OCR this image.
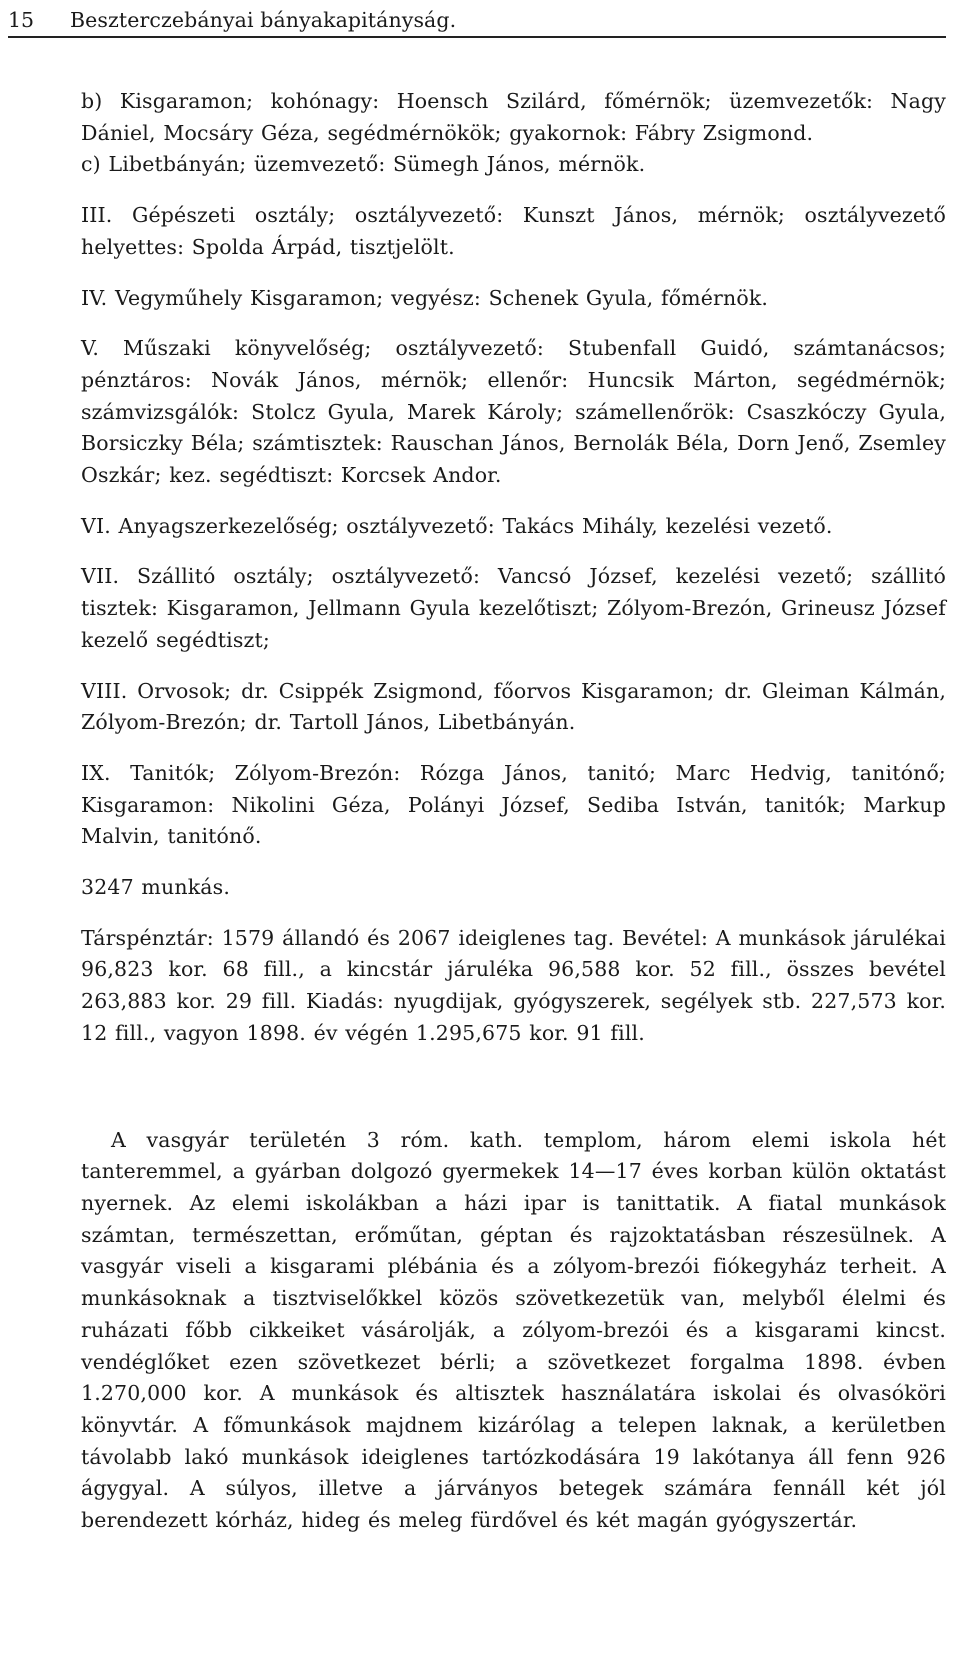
15	Beszterczebányai bányakapitányság.

b) Kisgaramon; kohónagy: Hoensch Szilárd, főmérnök; üzemvezetők: Nagy Dániel, Mocsáry Géza, segédmérnökök; gyakornok: Fábry Zsigmond.

c) Libetbányán; üzemvezető: Sümegh János, mérnök.

III. Gépészeti osztály; osztályvezető: Kunszt János, mérnök; osztályvezető helyettes: Spolda Árpád, tisztjelölt.

IV. Vegyműhely Kisgaramon; vegyész: Schenek Gyula, főmérnök.

V. Műszaki könyvelőség; osztályvezető: Stubenfall Guidó, számtanácsos; pénztáros: Novák János, mérnök; ellenőr: Huncsik Márton, segédmérnök; számvizsgálók: Stolcz Gyula, Marek Károly; számellenőrök: Csaszkóczy Gyula, Borsiczky Béla; számtisztek: Rauschan János, Bernolák Béla, Dorn Jenő, Zsemley Oszkár; kez. segédtiszt: Korcsek Andor.

VI. Anyagszerkezelőség; osztályvezető: Takács Mihály, kezelési vezető.

VII. Szállitó osztály; osztályvezető: Vancsó József, kezelési vezető; szállitó tisztek: Kisgaramon, Jellmann Gyula kezelőtiszt; Zólyom-Brezón, Grineusz József kezelő segédtiszt;

VIII. Orvosok; dr. Csippék Zsigmond, főorvos Kisgaramon; dr. Gleiman Kálmán, Zólyom-Brezón; dr. Tartoll János, Libetbányán.

IX. Tanitók; Zólyom-Brezón: Rózga János, tanitó; Marc Hedvig, tanitónő; Kisgaramon: Nikolini Géza, Polányi József, Sediba István, tanitók; Markup Malvin, tanitónő.

3247 munkás.

Társpénztár: 1579 állandó és 2067 ideiglenes tag. Bevétel: A munkások járulékai 96,823 kor. 68 fill., a kincstár járuléka 96,588 kor. 52 fill., összes bevétel 263,883 kor. 29 fill. Kiadás: nyugdijak, gyógyszerek, segélyek stb. 227,573 kor. 12 fill., vagyon 1898. év végén 1.295,675 kor. 91 fill.

A vasgyár területén 3 róm. kath. templom, három elemi iskola hét tanteremmel, a gyárban dolgozó gyermekek 14—17 éves korban külön oktatást nyernek. Az elemi iskolákban a házi ipar is tanittatik. A fiatal munkások számtan, természettan, erőműtan, géptan és rajzoktatásban részesülnek. A vasgyár viseli a kisgarami plébánia és a zólyom-brezói fiókegyház terheit. A munkásoknak a tisztviselőkkel közös szövetkezetük van, melyből élelmi és ruházati főbb cikkeiket vásárolják, a zólyom-brezói és a kisgarami kincst. vendéglőket ezen szövetkezet bérli; a szövetkezet forgalma 1898. évben 1.270,000 kor. A munkások és altisztek használatára iskolai és olvasóköri könyvtár. A főmunkások majdnem kizárólag a telepen laknak, a kerületben távolabb lakó munkások ideiglenes tartózkodására 19 lakótanya áll fenn 926 ágygyal. A súlyos, illetve a járványos betegek számára fennáll két jól berendezett kórház, hideg és meleg fürdővel és két magán gyógyszertár.
